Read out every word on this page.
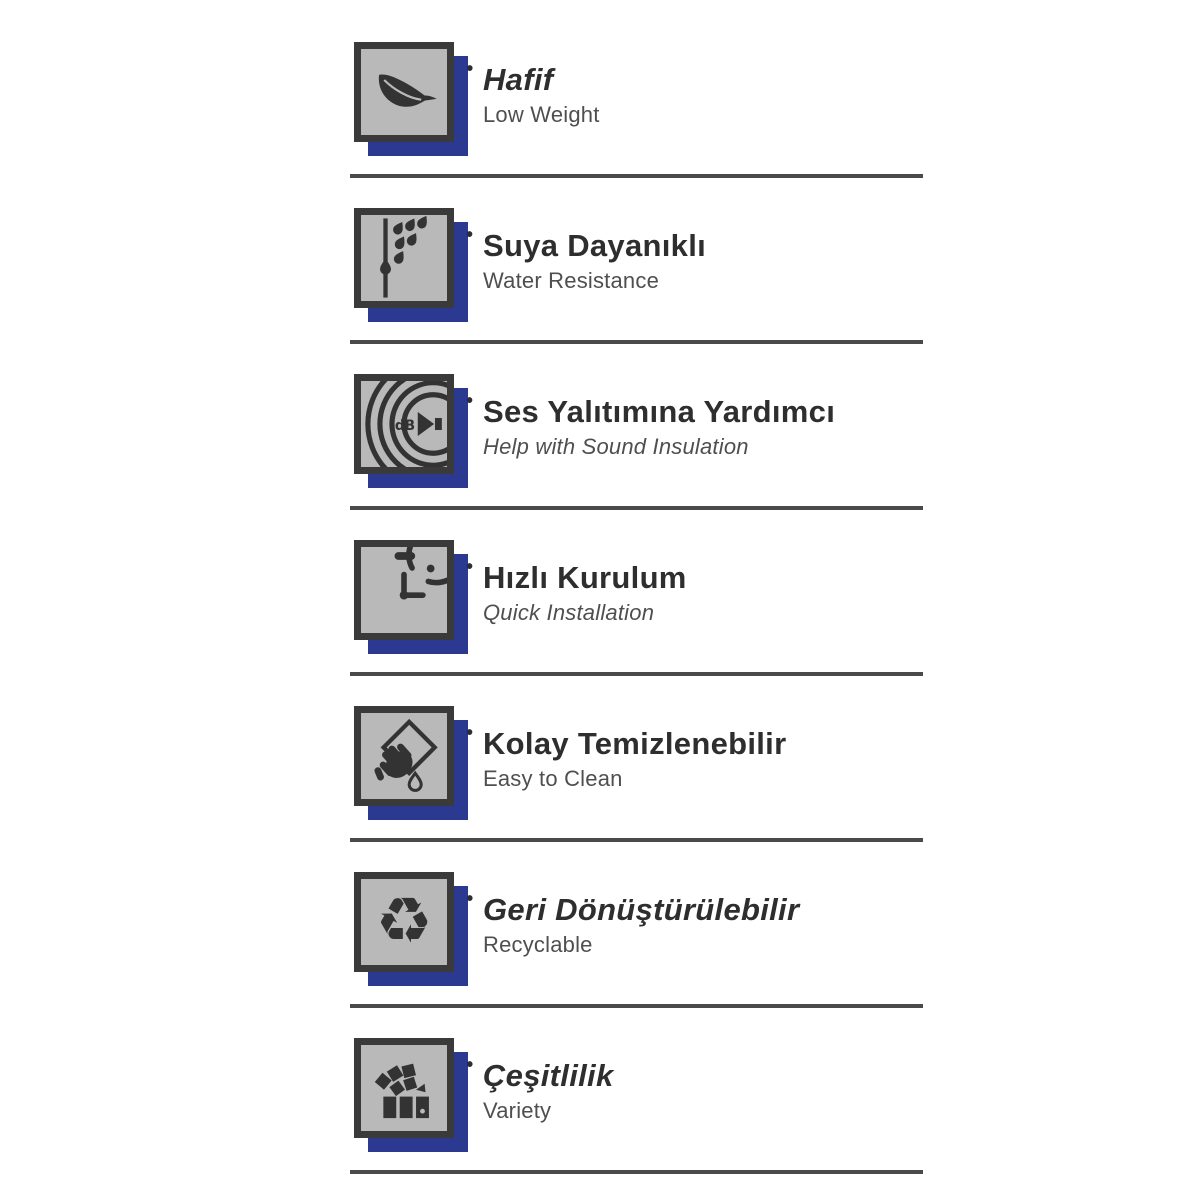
• Hafif
Low Weight
• Suya Dayanıklı
Water Resistance
dB
• Ses Yalıtımına Yardımcı
Help with Sound Insulation
• Hızlı Kurulum
Quick Installation
• Kolay Temizlenebilir
Easy to Clean
♻ • Geri Dönüştürülebilir
Recyclable
• Çeşitlilik
Variety
